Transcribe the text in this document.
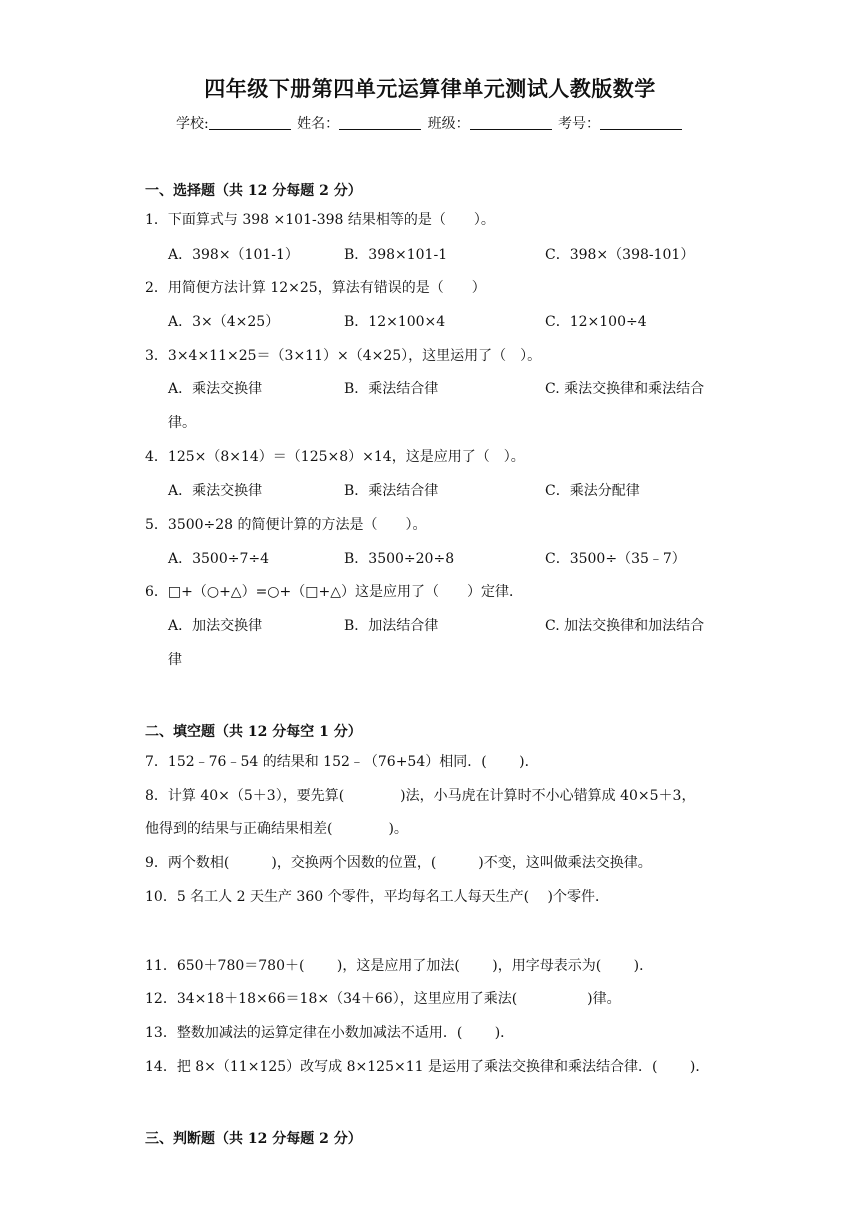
四年级下册第四单元运算律单元测试人教版数学
学校:	姓名：	班级：	考号：
一、选择题（共 12 分每题 2 分）
1．下面算式与 398 ×101-398 结果相等的是（　　）。
A．398×（101-1）	B．398×101-1	C．398×（398-101）
2．用简便方法计算 12×25，算法有错误的是（　　）
A．3×（4×25）	B．12×100×4	C．12×100÷4
3．3×4×11×25＝（3×11）×（4×25），这里运用了（　）。
A．乘法交换律	B．乘法结合律	C. 乘法交换律和乘法结合
律。
4．125×（8×14）＝（125×8）×14，这是应用了（　）。
A．乘法交换律	B．乘法结合律	C．乘法分配律
5．3500÷28 的简便计算的方法是（　　）。
A．3500÷7÷4	B．3500÷20÷8	C．3500÷（35﹣7）
6．□+（○+△）=○+（□+△）这是应用了（　　）定律．
A．加法交换律	B．加法结合律	C. 加法交换律和加法结合
律
二、填空题（共 12 分每空 1 分）
7．152﹣76﹣54 的结果和 152﹣（76+54）相同．(　　 )．
8．计算 40×（5＋3），要先算(　　　　)法，小马虎在计算时不小心错算成 40×5＋3，
他得到的结果与正确结果相差(　　　　)。
9．两个数相(　　　)，交换两个因数的位置，(　　　)不变，这叫做乘法交换律。
10．5 名工人 2 天生产 360 个零件，平均每名工人每天生产(　 )个零件．
11．650＋780＝780＋(　　 )，这是应用了加法(　　 )，用字母表示为(　　 )．
12．34×18＋18×66＝18×（34＋66），这里应用了乘法(　　　　　)律。
13．整数加减法的运算定律在小数加减法不适用．(　　 )．
14．把 8×（11×125）改写成 8×125×11 是运用了乘法交换律和乘法结合律．(　　 )．
三、判断题（共 12 分每题 2 分）
